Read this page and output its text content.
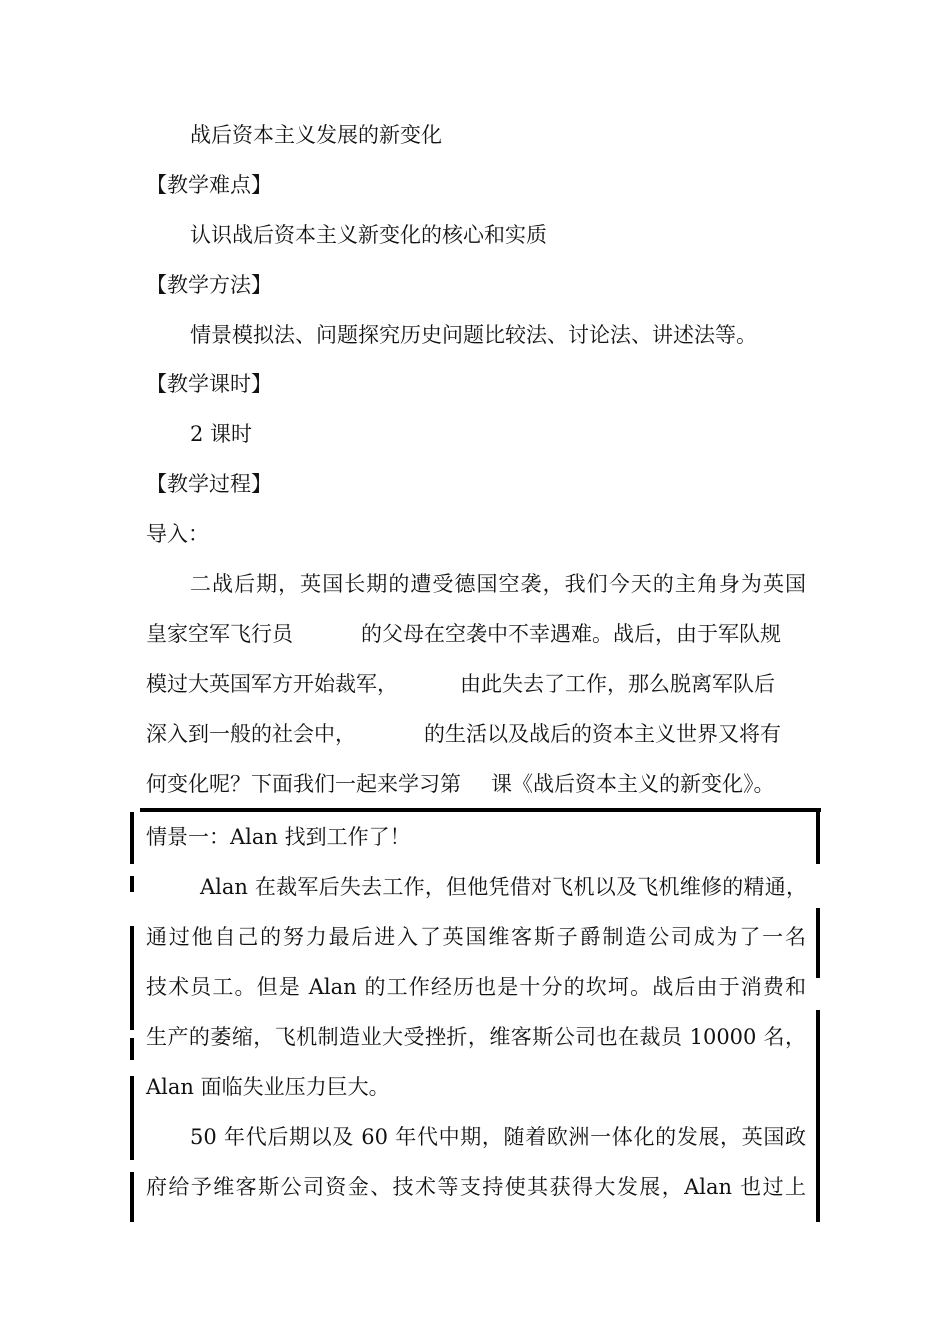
战后资本主义发展的新变化
【教学难点】
认识战后资本主义新变化的核心和实质
【教学方法】
情景模拟法、问题探究历史问题比较法、讨论法、讲述法等。
【教学课时】
2 课时
【教学过程】
导入：
二战后期，英国长期的遭受德国空袭，我们今天的主角身为英国
皇家空军飞行员	的父母在空袭中不幸遇难。战后，由于军队规
模过大英国军方开始裁军，	由此失去了工作，那么脱离军队后
深入到一般的社会中，	的生活以及战后的资本主义世界又将有
何变化呢？下面我们一起来学习第 课《战后资本主义的新变化》。
情景一：Alan 找到工作了！
Alan 在裁军后失去工作，但他凭借对飞机以及飞机维修的精通，
通过他自己的努力最后进入了英国维客斯子爵制造公司成为了一名
技术员工。但是 Alan 的工作经历也是十分的坎坷。战后由于消费和
生产的萎缩，飞机制造业大受挫折，维客斯公司也在裁员 10000 名，
Alan 面临失业压力巨大。
50 年代后期以及 60 年代中期，随着欧洲一体化的发展，英国政
府给予维客斯公司资金、技术等支持使其获得大发展，Alan 也过上
